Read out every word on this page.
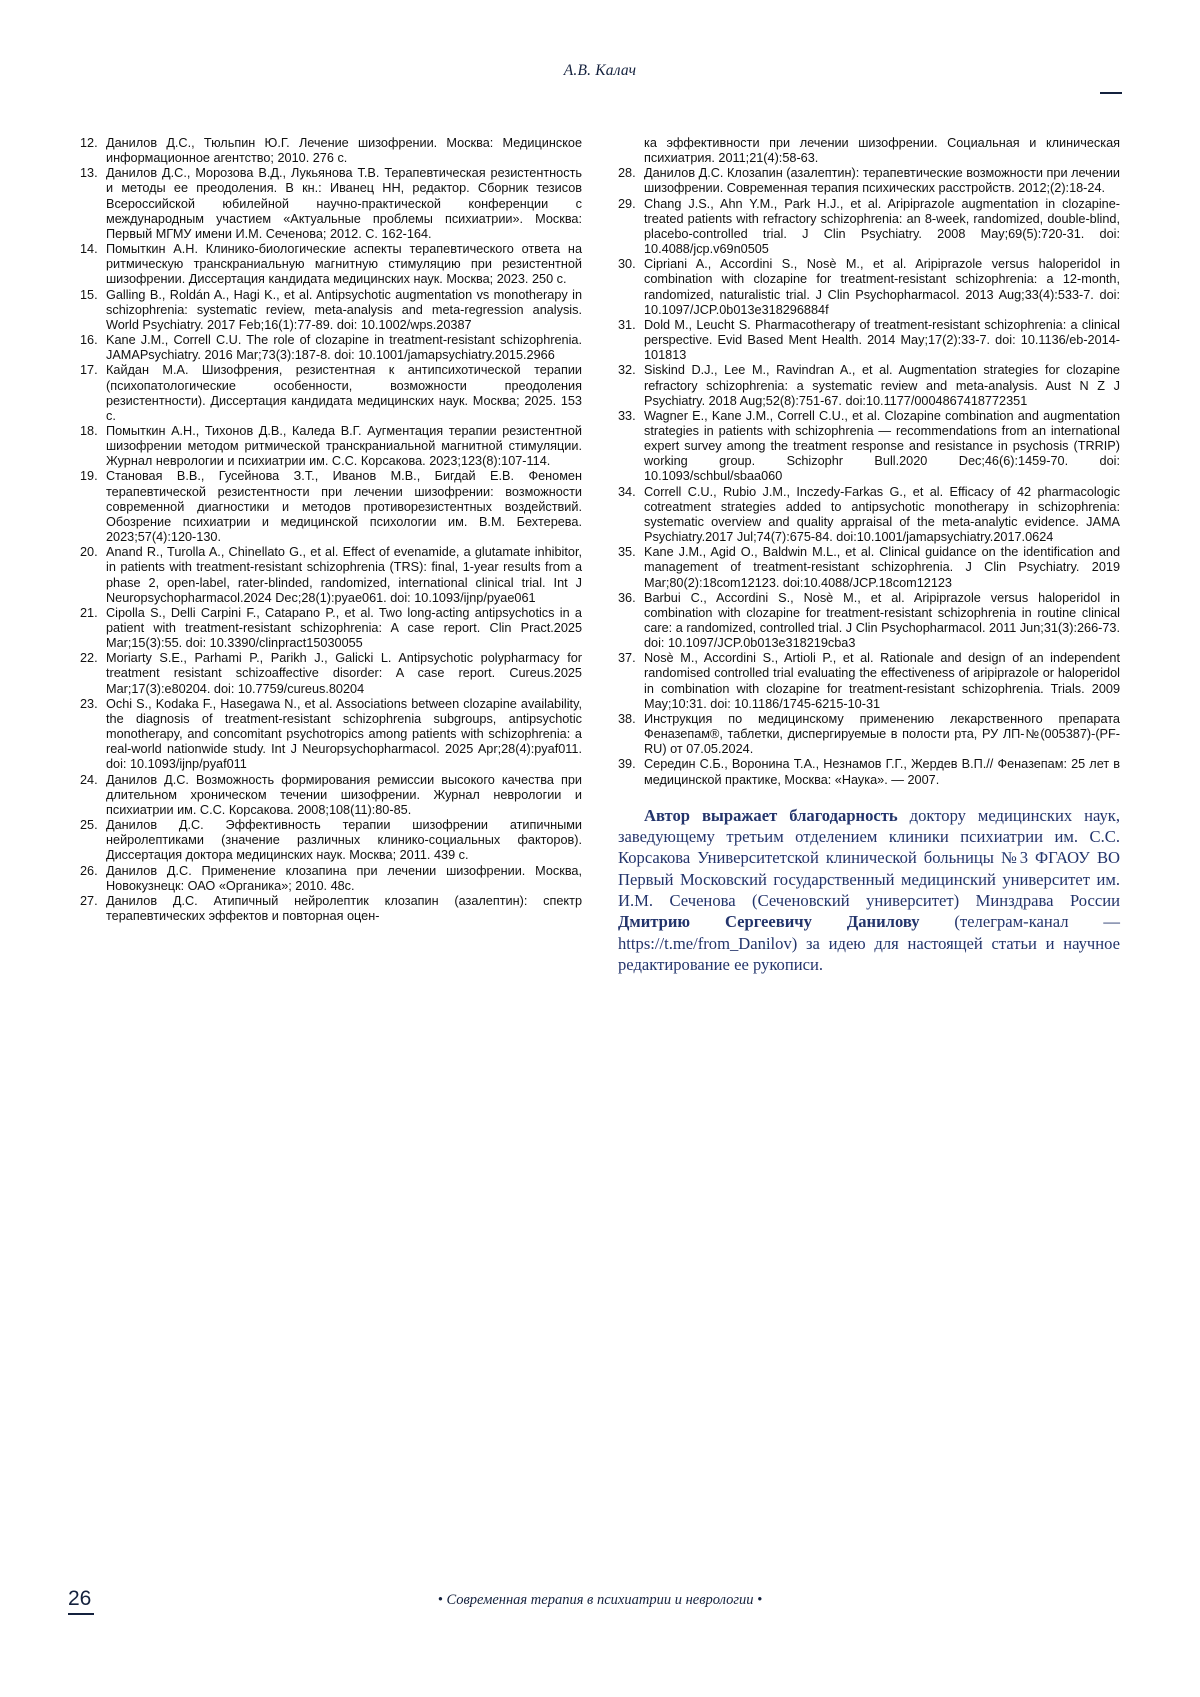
А.В. Калач
12. Данилов Д.С., Тюльпин Ю.Г. Лечение шизофрении. Москва: Медицинское информационное агентство; 2010. 276 с.
13. Данилов Д.С., Морозова В.Д., Лукьянова Т.В. Терапевтическая резистентность и методы ее преодоления. В кн.: Иванец НН, редактор. Сборник тезисов Всероссийской юбилейной научно-практической конференции с международным участием «Актуальные проблемы психиатрии». Москва: Первый МГМУ имени И.М. Сеченова; 2012. С. 162-164.
14. Помыткин А.Н. Клинико-биологические аспекты терапевтического ответа на ритмическую транскраниальную магнитную стимуляцию при резистентной шизофрении. Диссертация кандидата медицинских наук. Москва; 2023. 250 с.
15. Galling B., Roldán A., Hagi K., et al. Antipsychotic augmentation vs monotherapy in schizophrenia: systematic review, meta-analysis and meta-regression analysis. World Psychiatry. 2017 Feb;16(1):77-89. doi: 10.1002/wps.20387
16. Kane J.M., Correll C.U. The role of clozapine in treatment-resistant schizophrenia. JAMAPsychiatry. 2016 Mar;73(3):187-8. doi: 10.1001/jamapsychiatry.2015.2966
17. Кайдан М.А. Шизофрения, резистентная к антипсихотической терапии (психопатологические особенности, возможности преодоления резистентности). Диссертация кандидата медицинских наук. Москва; 2025. 153 с.
18. Помыткин А.Н., Тихонов Д.В., Каледа В.Г. Аугментация терапии резистентной шизофрении методом ритмической транскраниальной магнитной стимуляции. Журнал неврологии и психиатрии им. С.С. Корсакова. 2023;123(8):107-114.
19. Становая В.В., Гусейнова З.Т., Иванов М.В., Бигдай Е.В. Феномен терапевтической резистентности при лечении шизофрении: возможности современной диагностики и методов противорезистентных воздействий. Обозрение психиатрии и медицинской психологии им. В.М. Бехтерева. 2023;57(4):120-130.
20. Anand R., Turolla A., Chinellato G., et al. Effect of evenamide, a glutamate inhibitor, in patients with treatment-resistant schizophrenia (TRS): final, 1-year results from a phase 2, open-label, rater-blinded, randomized, international clinical trial. Int J Neuropsychopharmacol.2024 Dec;28(1):pyae061. doi: 10.1093/ijnp/pyae061
21. Cipolla S., Delli Carpini F., Catapano P., et al. Two long-acting antipsychotics in a patient with treatment-resistant schizophrenia: A case report. Clin Pract.2025 Mar;15(3):55. doi: 10.3390/clinpract15030055
22. Moriarty S.E., Parhami P., Parikh J., Galicki L. Antipsychotic polypharmacy for treatment resistant schizoaffective disorder: A case report. Cureus.2025 Mar;17(3):e80204. doi: 10.7759/cureus.80204
23. Ochi S., Kodaka F., Hasegawa N., et al. Associations between clozapine availability, the diagnosis of treatment-resistant schizophrenia subgroups, antipsychotic monotherapy, and concomitant psychotropics among patients with schizophrenia: a real-world nationwide study. Int J Neuropsychopharmacol. 2025 Apr;28(4):pyaf011. doi: 10.1093/ijnp/pyaf011
24. Данилов Д.С. Возможность формирования ремиссии высокого качества при длительном хроническом течении шизофрении. Журнал неврологии и психиатрии им. С.С. Корсакова. 2008;108(11):80-85.
25. Данилов Д.С. Эффективность терапии шизофрении атипичными нейролептиками (значение различных клинико-социальных факторов). Диссертация доктора медицинских наук. Москва; 2011. 439 с.
26. Данилов Д.С. Применение клозапина при лечении шизофрении. Москва, Новокузнецк: ОАО «Органика»; 2010. 48с.
27. Данилов Д.С. Атипичный нейролептик клозапин (азалептин): спектр терапевтических эффектов и повторная оцен-
ка эффективности при лечении шизофрении. Социальная и клиническая психиатрия. 2011;21(4):58-63.
28. Данилов Д.С. Клозапин (азалептин): терапевтические возможности при лечении шизофрении. Современная терапия психических расстройств. 2012;(2):18-24.
29. Chang J.S., Ahn Y.M., Park H.J., et al. Aripiprazole augmentation in clozapine-treated patients with refractory schizophrenia: an 8-week, randomized, double-blind, placebo-controlled trial. J Clin Psychiatry. 2008 May;69(5):720-31. doi: 10.4088/jcp.v69n0505
30. Cipriani A., Accordini S., Nosè M., et al. Aripiprazole versus haloperidol in combination with clozapine for treatment-resistant schizophrenia: a 12-month, randomized, naturalistic trial. J Clin Psychopharmacol. 2013 Aug;33(4):533-7. doi: 10.1097/JCP.0b013e318296884f
31. Dold M., Leucht S. Pharmacotherapy of treatment-resistant schizophrenia: a clinical perspective. Evid Based Ment Health. 2014 May;17(2):33-7. doi: 10.1136/eb-2014-101813
32. Siskind D.J., Lee M., Ravindran A., et al. Augmentation strategies for clozapine refractory schizophrenia: a systematic review and meta-analysis. Aust N Z J Psychiatry. 2018 Aug;52(8):751-67. doi:10.1177/0004867418772351
33. Wagner E., Kane J.M., Correll C.U., et al. Clozapine combination and augmentation strategies in patients with schizophrenia — recommendations from an international expert survey among the treatment response and resistance in psychosis (TRRIP) working group. Schizophr Bull.2020 Dec;46(6):1459-70. doi: 10.1093/schbul/sbaa060
34. Correll C.U., Rubio J.M., Inczedy-Farkas G., et al. Efficacy of 42 pharmacologic cotreatment strategies added to antipsychotic monotherapy in schizophrenia: systematic overview and quality appraisal of the meta-analytic evidence. JAMA Psychiatry.2017 Jul;74(7):675-84. doi:10.1001/jamapsychiatry.2017.0624
35. Kane J.M., Agid O., Baldwin M.L., et al. Clinical guidance on the identification and management of treatment-resistant schizophrenia. J Clin Psychiatry. 2019 Mar;80(2):18com12123. doi:10.4088/JCP.18com12123
36. Barbui C., Accordini S., Nosè M., et al. Aripiprazole versus haloperidol in combination with clozapine for treatment-resistant schizophrenia in routine clinical care: a randomized, controlled trial. J Clin Psychopharmacol. 2011 Jun;31(3):266-73. doi: 10.1097/JCP.0b013e318219cba3
37. Nosè M., Accordini S., Artioli P., et al. Rationale and design of an independent randomised controlled trial evaluating the effectiveness of aripiprazole or haloperidol in combination with clozapine for treatment-resistant schizophrenia. Trials. 2009 May;10:31. doi: 10.1186/1745-6215-10-31
38. Инструкция по медицинскому применению лекарственного препарата Феназепам®, таблетки, диспергируемые в полости рта, РУ ЛП-№(005387)-(PF-RU) от 07.05.2024.
39. Середин С.Б., Воронина Т.А., Незнамов Г.Г., Жердев В.П.// Феназепам: 25 лет в медицинской практике, Москва: «Наука». — 2007.
Автор выражает благодарность доктору медицинских наук, заведующему третьим отделением клиники психиатрии им. С.С. Корсакова Университетской клинической больницы №3 ФГАОУ ВО Первый Московский государственный медицинский университет им. И.М. Сеченова (Сеченовский университет) Минздрава России Дмитрию Сергеевичу Данилову (телеграм-канал — https://t.me/from_Danilov) за идею для настоящей статьи и научное редактирование ее рукописи.
26	• Современная терапия в психиатрии и неврологии •
